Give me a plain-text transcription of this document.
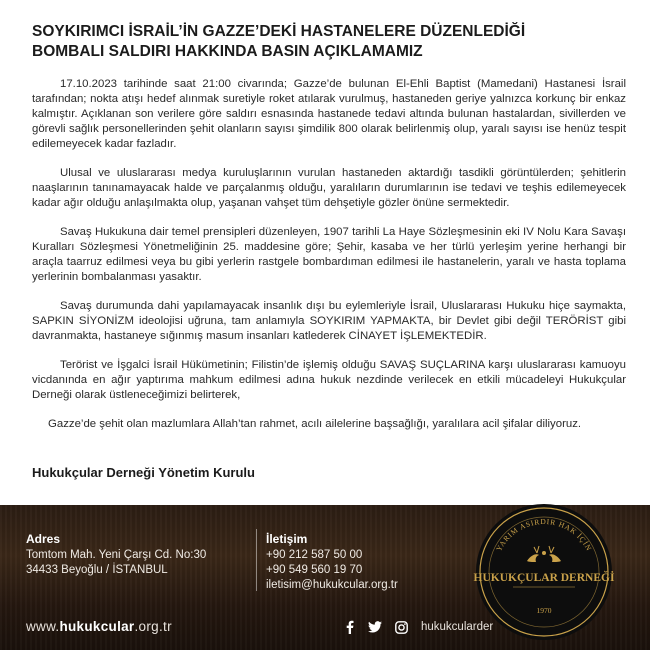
SOYKIRIMCI İSRAİL’İN GAZZE’DEKİ HASTANELERE DÜZENLEDİĞİ
BOMBALI SALDIRI HAKKINDA BASIN AÇIKLAMAMIZ

17.10.2023 tarihinde saat 21:00 civarında; Gazze’de bulunan El-Ehli Baptist (Mamedani) Hastanesi İsrail tarafından; nokta atışı hedef alınmak suretiyle roket atılarak vurulmuş, hastaneden geriye yalnızca korkunç bir enkaz kalmıştır. Açıklanan son verilere göre saldırı esnasında hastanede tedavi altında bulunan hastalardan, sivillerden ve görevli sağlık personellerinden şehit olanların sayısı şimdilik 800 olarak belirlenmiş olup, yaralı sayısı ise henüz tespit edilemeyecek kadar fazladır.

Ulusal ve uluslararası medya kuruluşlarının vurulan hastaneden aktardığı tasdikli görüntülerden; şehitlerin naaşlarının tanınamayacak halde ve parçalanmış olduğu, yaralıların durumlarının ise tedavi ve teşhis edilemeyecek kadar ağır olduğu anlaşılmakta olup, yaşanan vahşet tüm dehşetiyle gözler önüne sermektedir.

Savaş Hukukuna dair temel prensipleri düzenleyen, 1907 tarihli La Haye Sözleşmesinin eki IV Nolu Kara Savaşı Kuralları Sözleşmesi Yönetmeliğinin 25. maddesine göre; Şehir, kasaba ve her türlü yerleşim yerine herhangi bir araçla taarruz edilmesi veya bu gibi yerlerin rastgele bombardıman edilmesi ile hastanelerin, yaralı ve hasta toplama yerlerinin bombalanması yasaktır.

Savaş durumunda dahi yapılamayacak insanlık dışı bu eylemleriyle İsrail, Uluslararası Hukuku hiçe saymakta, SAPKIN SİYONİZM ideolojisi uğruna, tam anlamıyla SOYKIRIM YAPMAKTA, bir Devlet gibi değil TERÖRİST gibi davranmakta, hastaneye sığınmış masum insanları katlederek CİNAYET İŞLEMEKTEDİR.

Terörist ve İşgalci İsrail Hükümetinin; Filistin’de işlemiş olduğu SAVAŞ SUÇLARINA karşı uluslararası kamuoyu vicdanında en ağır yaptırıma mahkum edilmesi adına hukuk nezdinde verilecek en etkili mücadeleyi Hukukçular Derneği olarak üstleneceğimizi belirterek,

Gazze’de şehit olan mazlumlara Allah’tan rahmet, acılı ailelerine başsağlığı, yaralılara acil şifalar diliyoruz.

Hukukçular Derneği Yönetim Kurulu

Adres
Tomtom Mah. Yeni Çarşı Cd. No:30
34433 Beyoğlu / İSTANBUL
İletişim
+90 212 587 50 00
+90 549 560 19 70
iletisim@hukukcular.org.tr
www.hukukcular.org.tr	hukukcularder
YARIM ASIRDIR HAK İÇİN
HUKUKÇULAR DERNEĞİ
1970
